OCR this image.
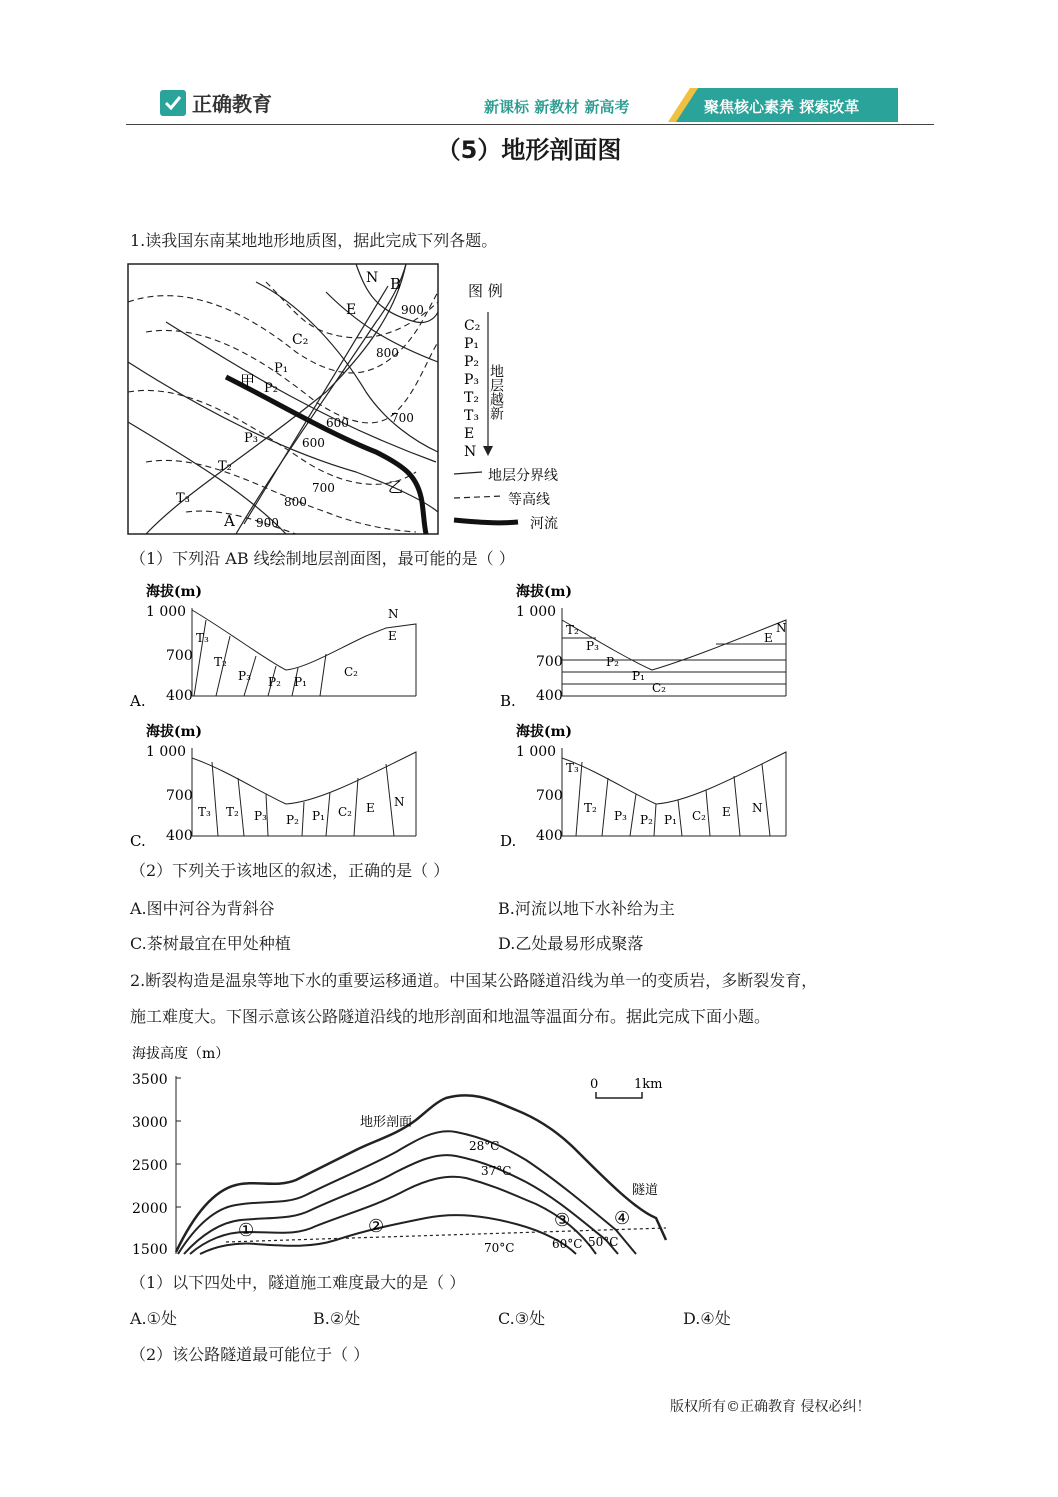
正确教育	新课标 新教材 新高考	聚焦核心素养 探索改革
（5）地形剖面图
1.读我国东南某地地形地质图，据此完成下列各题。
A
B
甲
乙
N
E
C₂
P₁
P₂
P₃
T₂
T₃
900
800
700
600
600
700
800
900
图 例
C₂
P₁
P₂
P₃
T₂
T₃
E
N
地层越新
地层分界线
等高线
河流
（1）下列沿 AB 线绘制地层剖面图，最可能的是（ ）
海拔(m)
1 000
700
400
T₃
T₂
P₃ P₂ P₁
C₂
N
E
A.
海拔(m)
1 000
700
400
T₂
P₃
P₂
P₁
C₂
E
N
B.
海拔(m)
1 000
700
400
T₃ T₂ P₃ P₂ P₁ C₂ E N
C.
海拔(m)
1 000
700
400
T₃
T₂
P₃ P₂ P₁ C₂ E N
D.
（2）下列关于该地区的叙述，正确的是（ ）
A.图中河谷为背斜谷	B.河流以地下水补给为主
C.茶树最宜在甲处种植	D.乙处最易形成聚落
2.断裂构造是温泉等地下水的重要运移通道。中国某公路隧道沿线为单一的变质岩，多断裂发育，
施工难度大。下图示意该公路隧道沿线的地形剖面和地温等温面分布。据此完成下面小题。
海拔高度（m）
3500
3000
2500
2000
1500
0	1km
地形剖面
隧道
28°C
37°C
70°C	60°C 50°C
①	②	③ ④
（1）以下四处中，隧道施工难度最大的是（ ）
A.①处	B.②处	C.③处	D.④处
（2）该公路隧道最可能位于（ ）
版权所有©正确教育 侵权必纠！
